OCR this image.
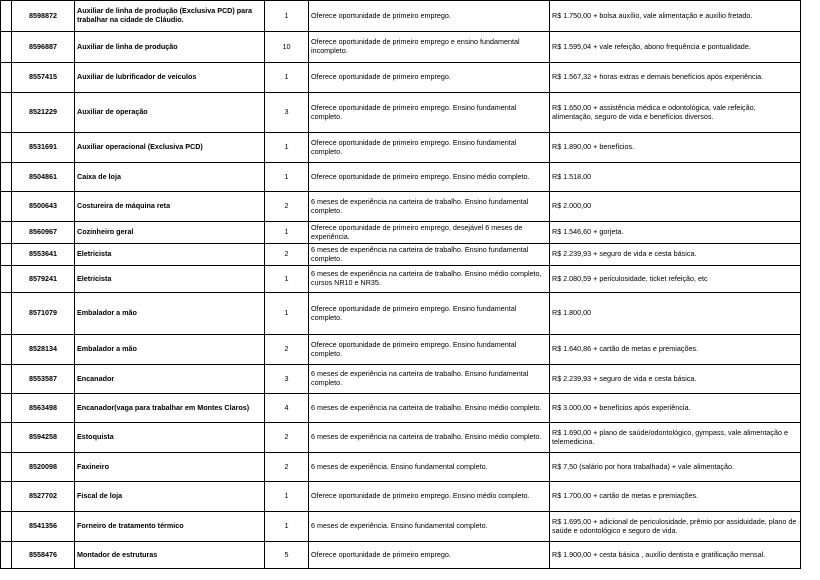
	8598872	Auxiliar de linha de produção (Exclusiva PCD) para trabalhar na cidade de Cláudio.	1	Oferece oportunidade de primeiro emprego.	R$ 1.750,00 + bolsa auxílio, vale alimentação e auxílio fretado.
	8596887	Auxiliar de linha de produção	10	Oferece oportunidade de primeiro emprego e ensino fundamental incompleto.	R$ 1.595,04 + vale refeição, abono frequência e pontualidade.
	8557415	Auxiliar de lubrificador de veículos	1	Oferece oportunidade de primeiro emprego.	R$ 1.567,32 + horas extras e demais benefícios após experiência.
	8521229	Auxiliar de operação	3	Oferece oportunidade de primeiro emprego. Ensino fundamental completo.	R$ 1.650,00 + assistência médica e odontológica, vale refeição, alimentação, seguro de vida e benefícios diversos.
	8531691	Auxiliar operacional (Exclusiva PCD)	1	Oferece oportunidade de primeiro emprego. Ensino fundamental completo.	R$ 1.890,00 + benefícios.
	8504861	Caixa de loja	1	Oferece oportunidade de primeiro emprego. Ensino médio completo.	R$ 1.518,00
	8500643	Costureira de máquina reta	2	6 meses de experiência na carteira de trabalho. Ensino fundamental completo.	R$ 2.000,00
	8560967	Cozinheiro geral	1	Oferece oportunidade de primeiro emprego, desejável 6 meses de experiência.	R$ 1.546,60 + gorjeta.
	8553641	Eletricista	2	6 meses de experiência na carteira de trabalho. Ensino fundamental completo.	R$ 2.239,93 + seguro de vida e cesta básica.
	8579241	Eletricista	1	6 meses de experiência na carteira de trabalho. Ensino médio completo, cursos NR10 e NR35.	R$ 2.080,59 + periculosidade, ticket refeição, etc
	8571079	Embalador a mão	1	Oferece oportunidade de primeiro emprego. Ensino fundamental completo.	R$ 1.800,00
	8528134	Embalador a mão	2	Oferece oportunidade de primeiro emprego. Ensino fundamental completo.	R$ 1.640,86 + cartão de metas e premiações.
	8553587	Encanador	3	6 meses de experiência na carteira de trabalho. Ensino fundamental completo.	R$ 2.239,93 + seguro de vida e cesta básica.
	8563498	Encanador(vaga para trabalhar em Montes Claros)	4	6 meses de experiência na carteira de trabalho. Ensino médio completo.	R$ 3.000,00 + benefícios após experiência.
	8594258	Estoquista	2	6 meses de experiência na carteira de trabalho. Ensino médio completo.	R$ 1.690,00 + plano de saúde/odontológico, gympass, vale alimentação e telemedicina.
	8520098	Faxineiro	2	6 meses de experiência. Ensino fundamental completo.	R$ 7,50 (salário por hora trabalhada) + vale alimentação.
	8527702	Fiscal de loja	1	Oferece oportunidade de primeiro emprego. Ensino médio completo.	R$ 1.700,00 + cartão de metas e premiações.
	8541356	Forneiro de tratamento térmico	1	6 meses de experiência. Ensino fundamental completo.	R$ 1.695,00 + adicional de periculosidade, prêmio por assiduidade, plano de saúde e odontológico e seguro de vida.
	8558476	Montador de estruturas	5	Oferece oportunidade de primeiro emprego.	R$ 1.900,00 + cesta básica , auxílio dentista e gratificação mensal.
